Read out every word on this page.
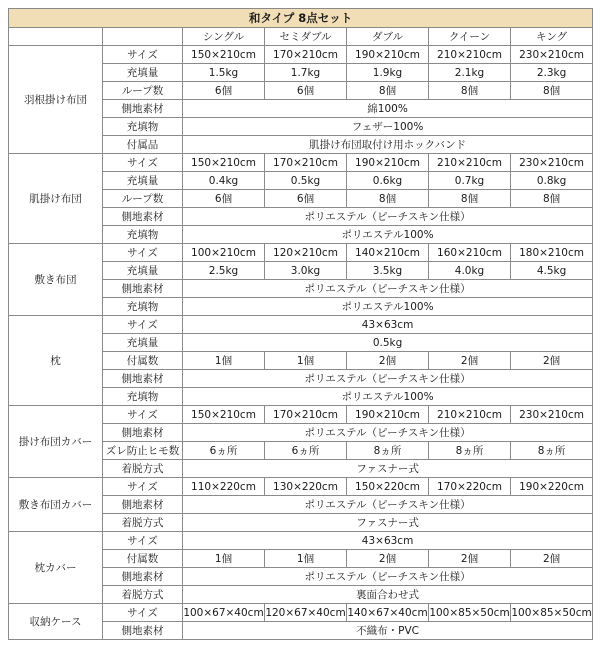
和タイプ 8点セット						
		シングル	セミダブル	ダブル	クイーン	キング
羽根掛け布団	サイズ	150×210cm	170×210cm	190×210cm	210×210cm	230×210cm
	充填量	1.5kg	1.7kg	1.9kg	2.1kg	2.3kg
	ループ数	6個	6個	8個	8個	8個
	側地素材	綿100%				
	充填物	フェザー100%				
	付属品	肌掛け布団取付け用ホックバンド				
肌掛け布団	サイズ	150×210cm	170×210cm	190×210cm	210×210cm	230×210cm
	充填量	0.4kg	0.5kg	0.6kg	0.7kg	0.8kg
	ループ数	6個	6個	8個	8個	8個
	側地素材	ポリエステル（ピーチスキン仕様）				
	充填物	ポリエステル100%				
敷き布団	サイズ	100×210cm	120×210cm	140×210cm	160×210cm	180×210cm
	充填量	2.5kg	3.0kg	3.5kg	4.0kg	4.5kg
	側地素材	ポリエステル（ピーチスキン仕様）				
	充填物	ポリエステル100%				
枕	サイズ	43×63cm				
	充填量	0.5kg				
	付属数	1個	1個	2個	2個	2個
	側地素材	ポリエステル（ピーチスキン仕様）				
	充填物	ポリエステル100%				
掛け布団カバー	サイズ	150×210cm	170×210cm	190×210cm	210×210cm	230×210cm
	側地素材	ポリエステル（ピーチスキン仕様）				
	ズレ防止ヒモ数	6ヵ所	6ヵ所	8ヵ所	8ヵ所	8ヵ所
	着脱方式	ファスナー式				
敷き布団カバー	サイズ	110×220cm	130×220cm	150×220cm	170×220cm	190×220cm
	側地素材	ポリエステル（ピーチスキン仕様）				
	着脱方式	ファスナー式				
枕カバー	サイズ	43×63cm				
	付属数	1個	1個	2個	2個	2個
	側地素材	ポリエステル（ピーチスキン仕様）				
	着脱方式	裏面合わせ式				
収納ケース	サイズ	100×67×40cm	120×67×40cm	140×67×40cm	100×85×50cm	100×85×50cm
	側地素材	不織布・PVC				
